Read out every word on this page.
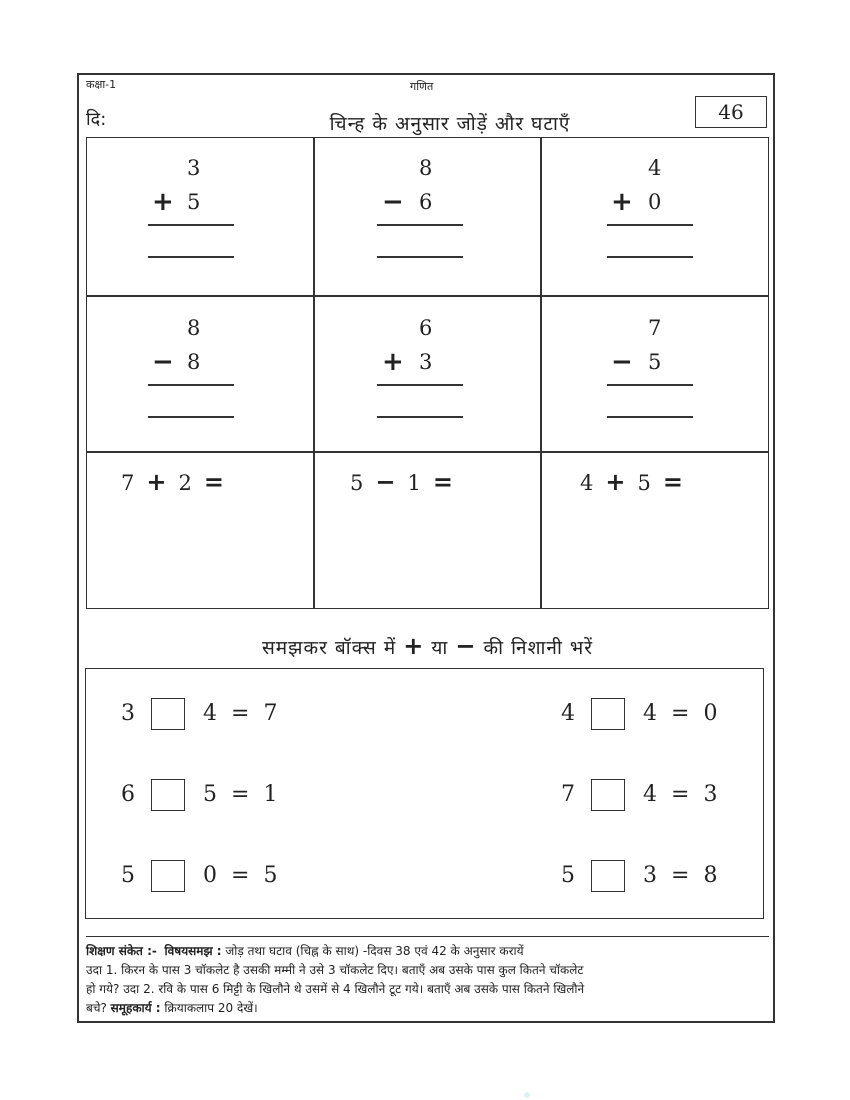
कक्षा-1	गणित
दि:	चिन्ह के अनुसार जोड़ें और घटाएँ	46
3
+ 5
8
− 6
4
+ 0
8
− 8
6
+ 3
7
− 5
7 + 2 =	5 − 1 =	4 + 5 =
समझकर बॉक्स में + या − की निशानी भरें
3	4 = 7	4	4 = 0
6	5 = 1	7	4 = 3
5	0 = 5	5	3 = 8
शिक्षण संकेत :- विषयसमझ : जोड़ तथा घटाव (चिह्न के साथ) -दिवस 38 एवं 42 के अनुसार करायें
उदा 1. किरन के पास 3 चॉकलेट है उसकी मम्मी ने उसे 3 चॉकलेट दिए। बताएँ अब उसके पास कुल कितने चॉकलेट
हो गये? उदा 2. रवि के पास 6 मिट्टी के खिलौने थे उसमें से 4 खिलौने टूट गये। बताएँ अब उसके पास कितने खिलौने
बचे? समूहकार्य : क्रियाकलाप 20 देखें।
